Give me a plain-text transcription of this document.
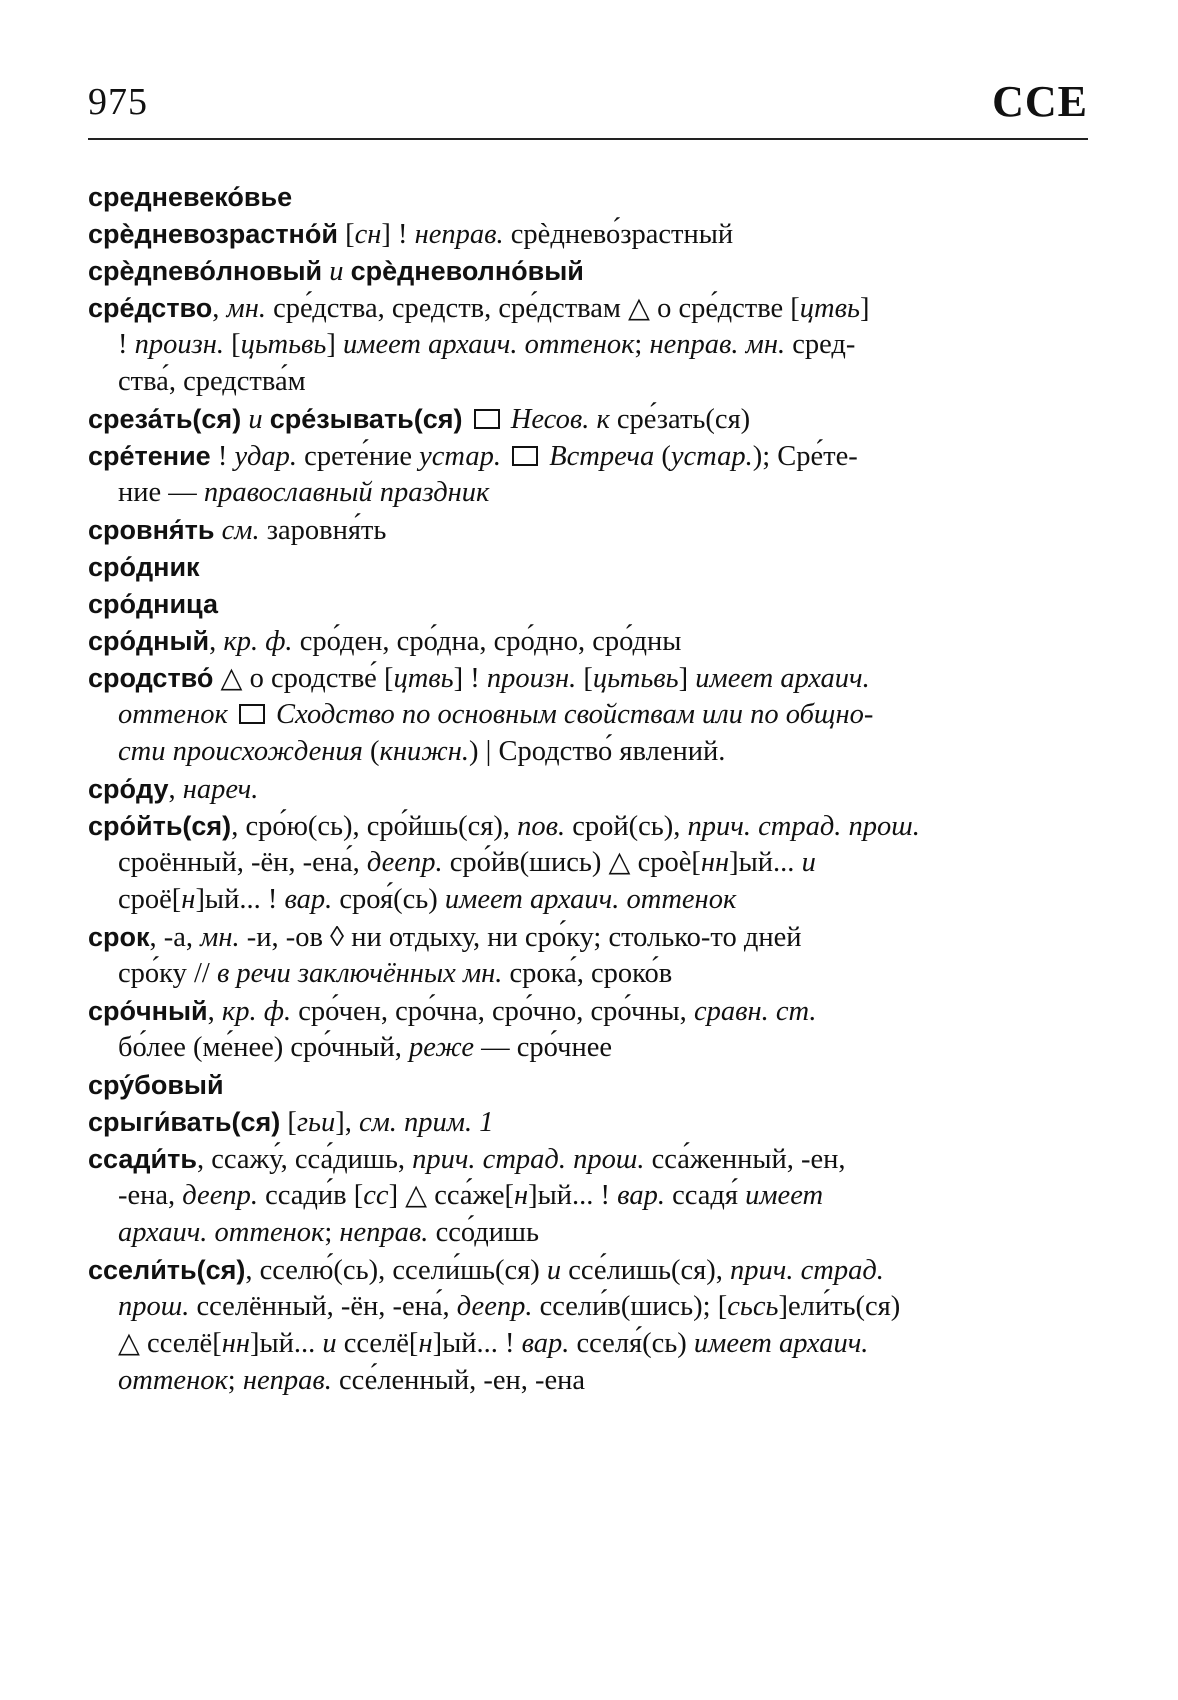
975	ССЕ
средневеко́вье
срѐдневозрастно́й [сн] ! неправ. срѐднево́зрастный
срѐдnево́лновый и срѐдневолно́вый
сре́дство, мн. сре́дства, средств, сре́дствам △ о сре́дстве [цтвь]
! произн. [цьтьвь] имеет архаич. оттенок; неправ. мн. сред-
ства́, средства́м
среза́ть(ся) и сре́зывать(ся)  Несов. к сре́зать(ся)
сре́тение ! удар. срете́ние устар.  Встреча (устар.); Сре́те-
ние — православный праздник
сровня́ть см. заровня́ть
сро́дник
сро́дница
сро́дный, кр. ф. сро́ден, сро́дна, сро́дно, сро́дны
сродство́ △ о сродстве́ [цтвь] ! произн. [цьтьвь] имеет архаич.
оттенок  Сходство по основным свойствам или по общно-
сти происхождения (книжн.) | Сродство́ явлений.
сро́ду, нареч.
сро́йть(ся), сро́ю(сь), сро́йшь(ся), пов. срой(сь), прич. страд. прош.
сроённый, -ён, -ена́, деепр. сро́йв(шись) △ сроѐ[нн]ый... и
сроё[н]ый... ! вар. сроя́(сь) имеет архаич. оттенок
срок, -а, мн. -и, -ов ◊ ни отдыху, ни сро́ку; столько-то дней
сро́ку // в речи заключённых мн. срока́, сроко́в
сро́чный, кр. ф. сро́чен, сро́чна, сро́чно, сро́чны, сравн. ст.
бо́лее (ме́нее) сро́чный, реже — сро́чнее
сру́бовый
срыги́вать(ся) [гьи], см. прим. 1
ссади́ть, ссажу́, сса́дишь, прич. страд. прош. сса́женный, -ен,
-ена, деепр. ссади́в [сс] △ сса́же[н]ый... ! вар. ссадя́ имеет
архаич. оттенок; неправ. ссо́дишь
ссели́ть(ся), ссе​лю́(сь), ссели́шь(ся) и ссе́лишь(ся), прич. страд.
прош. сселённый, -ён, -ена́, деепр. ссели́в(шись); [сьсь]ели́ть(ся)
△ сселё[нн]ый... и сселё[н]ый... ! вар. сселя́(сь) имеет архаич.
оттенок; неправ. ссе́ленный, -ен, -ена
